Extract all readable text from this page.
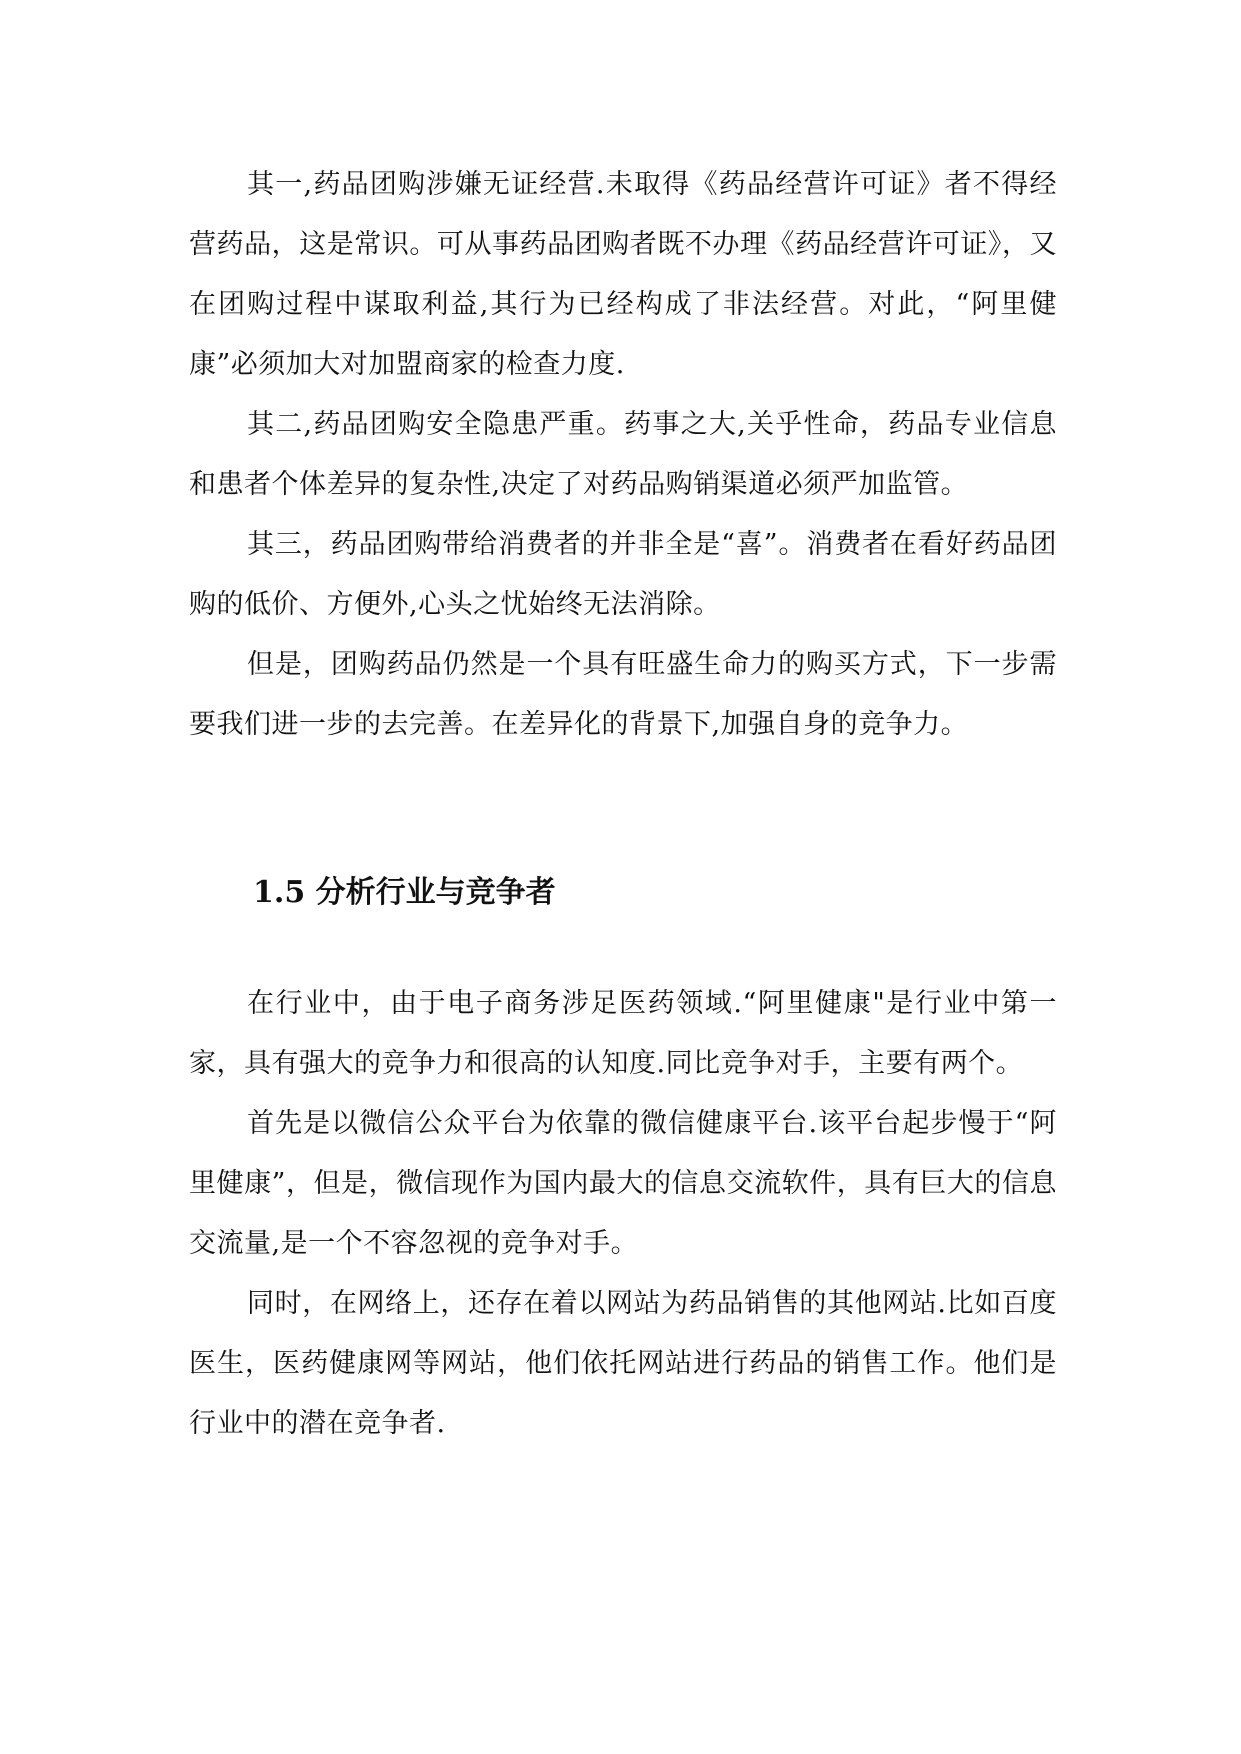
其一,药品团购涉嫌无证经营.未取得《药品经营许可证》者不得经营药品，这是常识。可从事药品团购者既不办理《药品经营许可证》，又在团购过程中谋取利益,其行为已经构成了非法经营。对此，“阿里健康”必须加大对加盟商家的检查力度.

其二,药品团购安全隐患严重。药事之大,关乎性命，药品专业信息和患者个体差异的复杂性,决定了对药品购销渠道必须严加监管。

其三，药品团购带给消费者的并非全是“喜”。消费者在看好药品团购的低价、方便外,心头之忧始终无法消除。

但是，团购药品仍然是一个具有旺盛生命力的购买方式，下一步需要我们进一步的去完善。在差异化的背景下,加强自身的竞争力。

1.5 分析行业与竞争者

在行业中，由于电子商务涉足医药领域.“阿里健康"是行业中第一家，具有强大的竞争力和很高的认知度.同比竞争对手，主要有两个。

首先是以微信公众平台为依靠的微信健康平台.该平台起步慢于“阿里健康”，但是，微信现作为国内最大的信息交流软件，具有巨大的信息交流量,是一个不容忽视的竞争对手。

同时，在网络上，还存在着以网站为药品销售的其他网站.比如百度医生，医药健康网等网站，他们依托网站进行药品的销售工作。他们是行业中的潜在竞争者.
